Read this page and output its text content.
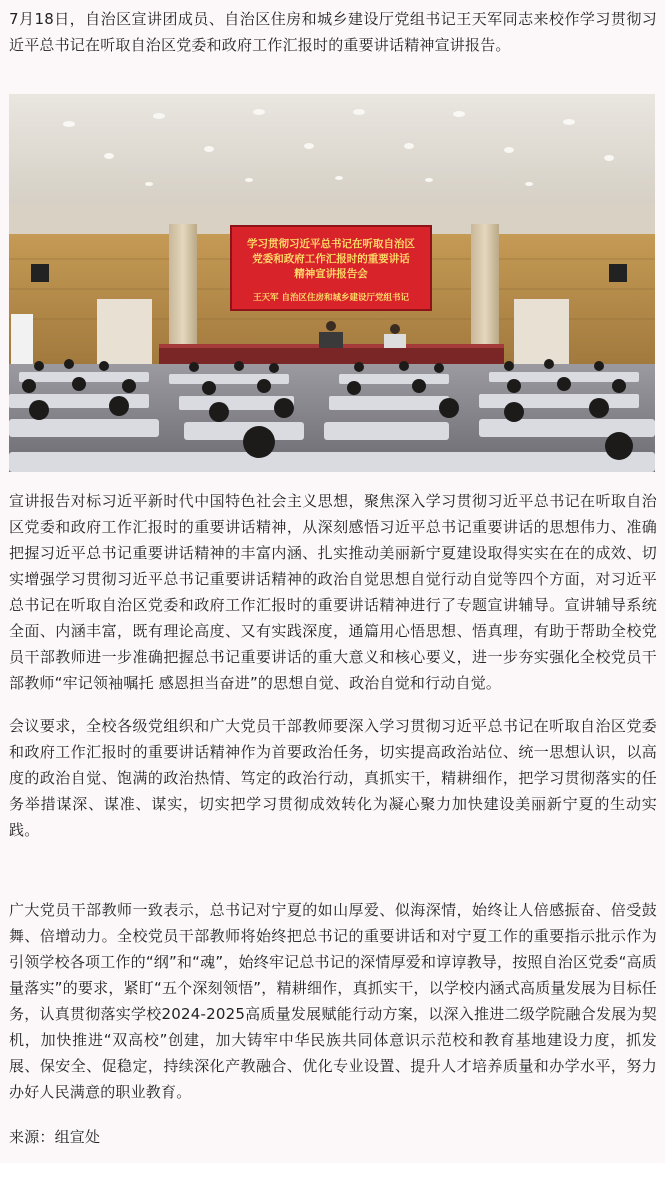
7月18日，自治区宣讲团成员、自治区住房和城乡建设厅党组书记王天军同志来校作学习贯彻习近平总书记在听取自治区党委和政府工作汇报时的重要讲话精神宣讲报告。

学习贯彻习近平总书记在听取自治区
党委和政府工作汇报时的重要讲话
精神宣讲报告会
王天军 自治区住房和城乡建设厅党组书记

宣讲报告对标习近平新时代中国特色社会主义思想，聚焦深入学习贯彻习近平总书记在听取自治区党委和政府工作汇报时的重要讲话精神，从深刻感悟习近平总书记重要讲话的思想伟力、准确把握习近平总书记重要讲话精神的丰富内涵、扎实推动美丽新宁夏建设取得实实在在的成效、切实增强学习贯彻习近平总书记重要讲话精神的政治自觉思想自觉行动自觉等四个方面，对习近平总书记在听取自治区党委和政府工作汇报时的重要讲话精神进行了专题宣讲辅导。宣讲辅导系统全面、内涵丰富，既有理论高度、又有实践深度，通篇用心悟思想、悟真理，有助于帮助全校党员干部教师进一步准确把握总书记重要讲话的重大意义和核心要义，进一步夯实强化全校党员干部教师“牢记领袖嘱托 感恩担当奋进”的思想自觉、政治自觉和行动自觉。

会议要求，全校各级党组织和广大党员干部教师要深入学习贯彻习近平总书记在听取自治区党委和政府工作汇报时的重要讲话精神作为首要政治任务，切实提高政治站位、统一思想认识，以高度的政治自觉、饱满的政治热情、笃定的政治行动，真抓实干，精耕细作，把学习贯彻落实的任务举措谋深、谋准、谋实，切实把学习贯彻成效转化为凝心聚力加快建设美丽新宁夏的生动实践。

广大党员干部教师一致表示，总书记对宁夏的如山厚爱、似海深情，始终让人倍感振奋、倍受鼓舞、倍增动力。全校党员干部教师将始终把总书记的重要讲话和对宁夏工作的重要指示批示作为引领学校各项工作的“纲”和“魂”，始终牢记总书记的深情厚爱和谆谆教导，按照自治区党委“高质量落实”的要求，紧盯“五个深刻领悟”，精耕细作，真抓实干，以学校内涵式高质量发展为目标任务，认真贯彻落实学校2024-2025高质量发展赋能行动方案，以深入推进二级学院融合发展为契机，加快推进“双高校”创建，加大铸牢中华民族共同体意识示范校和教育基地建设力度，抓发展、保安全、促稳定，持续深化产教融合、优化专业设置、提升人才培养质量和办学水平，努力办好人民满意的职业教育。

来源：组宣处
